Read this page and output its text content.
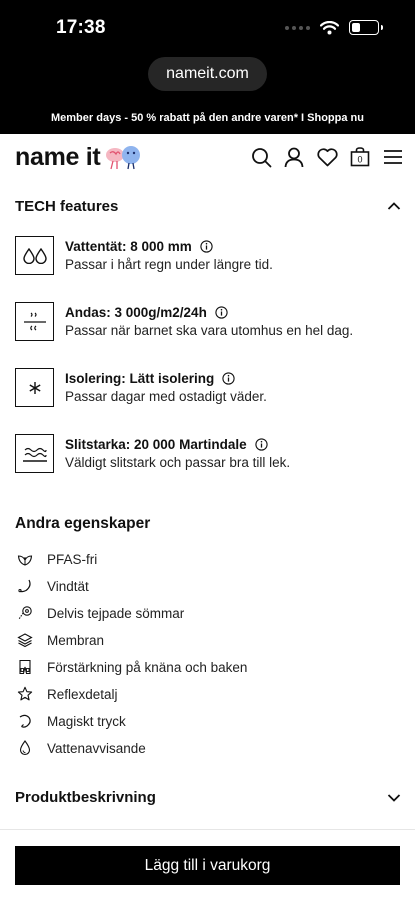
17:38
nameit.com
Member days - 50 % rabatt på den andre varen* I Shoppa nu
name it	0
TECH features
Vattentät: 8 000 mm
Passar i hårt regn under längre tid.
Andas: 3 000g/m2/24h
Passar när barnet ska vara utomhus en hel dag.
Isolering: Lätt isolering
Passar dagar med ostadigt väder.
Slitstarka: 20 000 Martindale
Väldigt slitstark och passar bra till lek.
Andra egenskaper
PFAS-fri
Vindtät
Delvis tejpade sömmar
Membran
Förstärkning på knäna och baken
Reflexdetalj
Magiskt tryck
Vattenavvisande
Produktbeskrivning
Lägg till i varukorg
